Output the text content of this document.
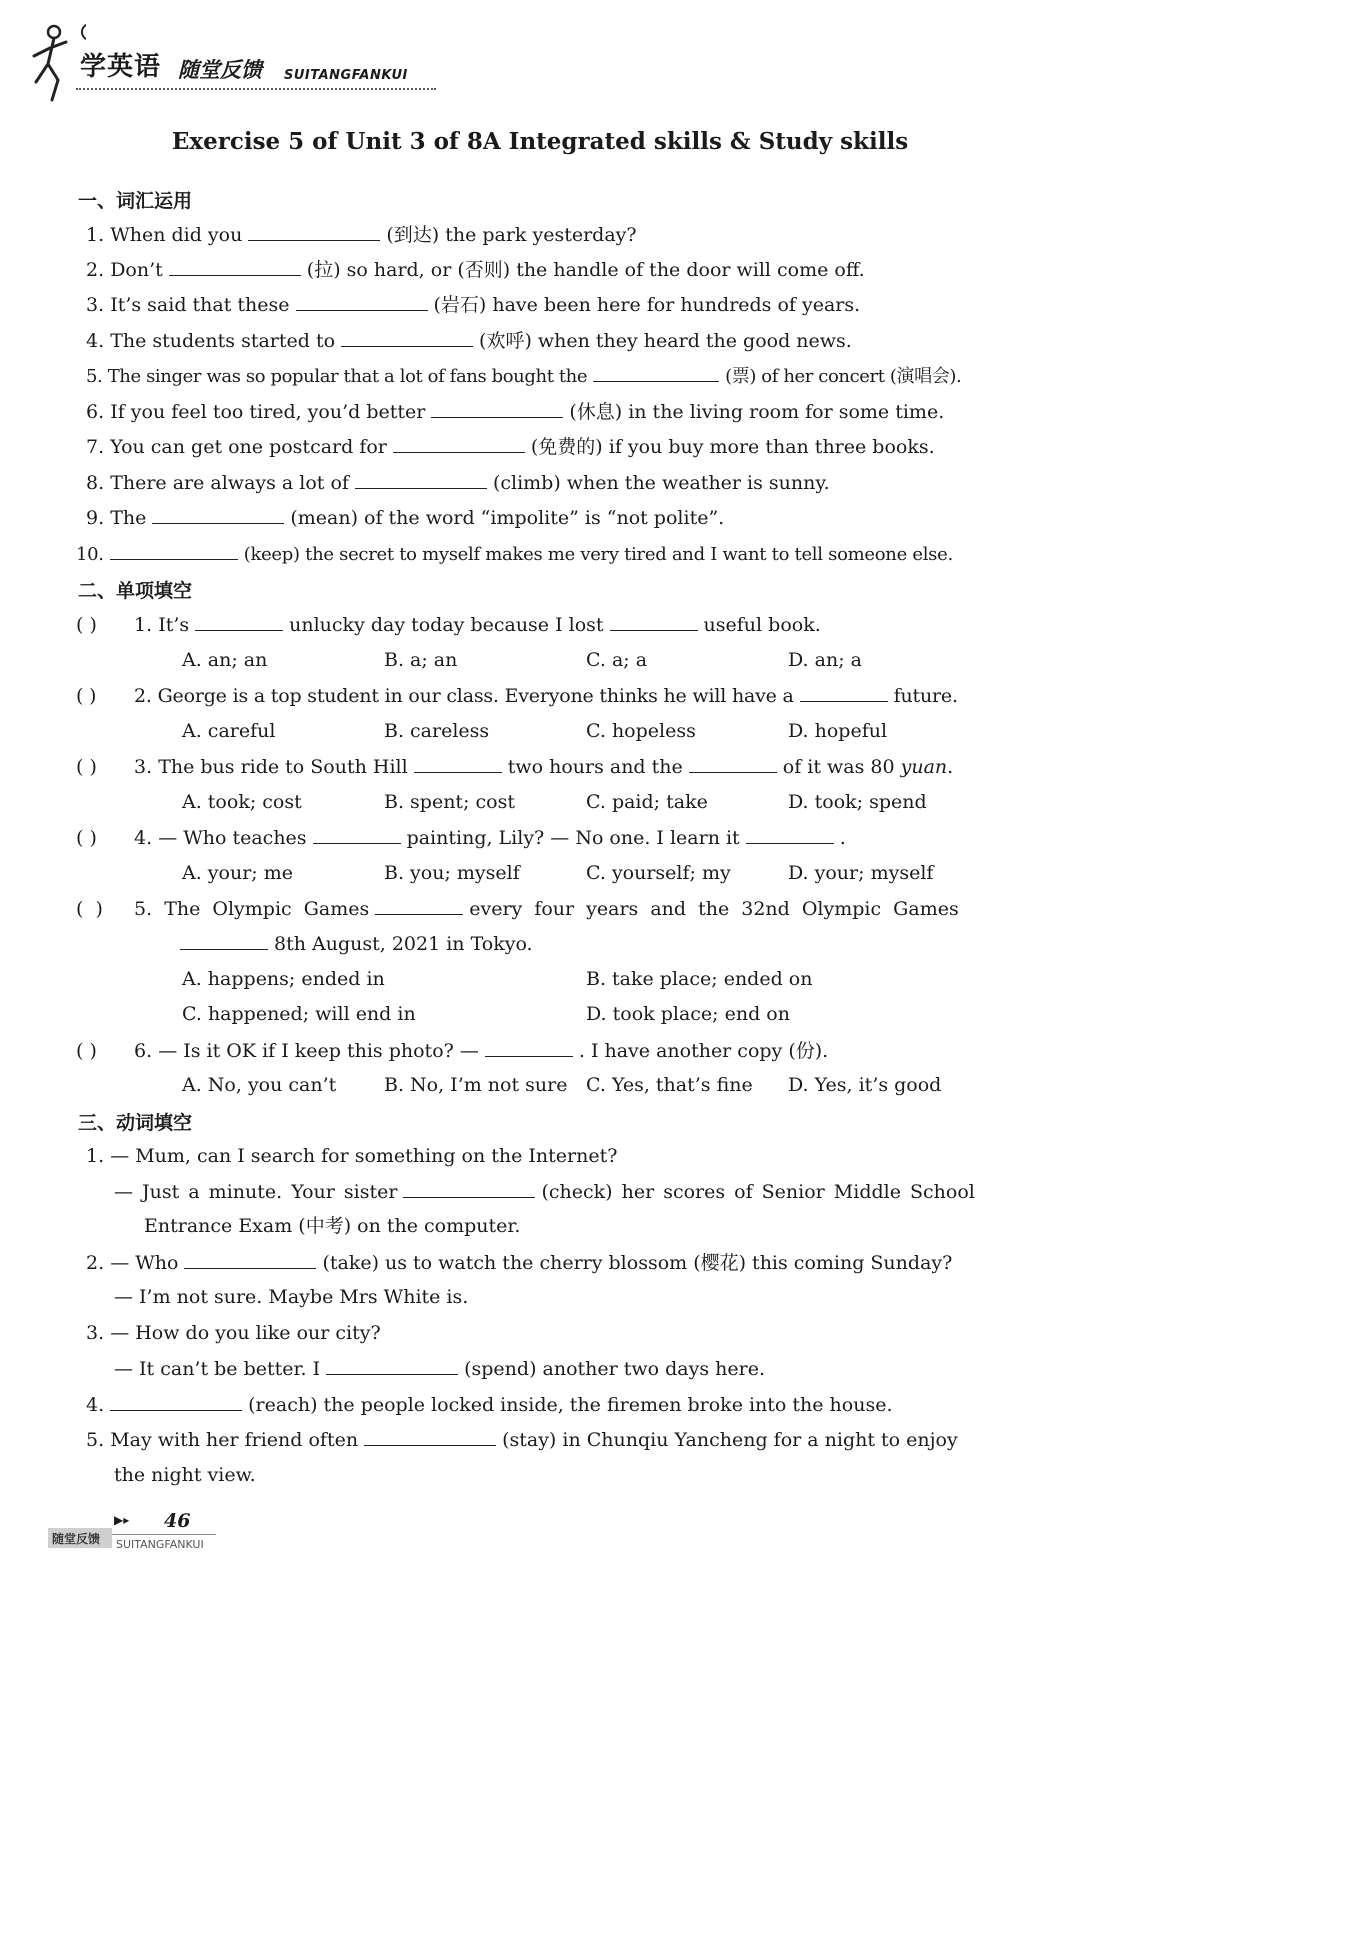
学英语 随堂反馈 SUITANGFANKUI
Exercise 5 of Unit 3 of 8A Integrated skills & Study skills
一、词汇运用
1. When did you	(到达) the park yesterday?
2. Don’t	(拉) so hard, or (否则) the handle of the door will come off.
3. It’s said that these	(岩石) have been here for hundreds of years.
4. The students started to	(欢呼) when they heard the good news.
5. The singer was so popular that a lot of fans bought the	(票) of her concert (演唱会).
6. If you feel too tired, you’d better	(休息) in the living room for some time.
7. You can get one postcard for	(免费的) if you buy more than three books.
8. There are always a lot of	(climb) when the weather is sunny.
9. The	(mean) of the word “impolite” is “not polite”.
10.	(keep) the secret to myself makes me very tired and I want to tell someone else.
二、单项填空
( ) 1. It’s	unlucky day today because I lost	useful book.
A. an; an	B. a; an	C. a; a	D. an; a
( ) 2. George is a top student in our class. Everyone thinks he will have a	future.
A. careful	B. careless	C. hopeless	D. hopeful
( ) 3. The bus ride to South Hill	two hours and the	of it was 80 yuan.
A. took; cost	B. spent; cost	C. paid; take	D. took; spend
( ) 4. — Who teaches	painting, Lily? — No one. I learn it	.
A. your; me	B. you; myself	C. yourself; my	D. your; myself
( ) 5. The Olympic Games	every four years and the 32nd Olympic Games
8th August, 2021 in Tokyo.
A. happens; ended in	B. take place; ended on
C. happened; will end in	D. took place; end on
( ) 6. — Is it OK if I keep this photo? —	. I have another copy (份).
A. No, you can’t	B. No, I’m not sure C. Yes, that’s fine D. Yes, it’s good
三、动词填空
1. — Mum, can I search for something on the Internet?
— Just a minute. Your sister	(check) her scores of Senior Middle School
Entrance Exam (中考) on the computer.
2. — Who	(take) us to watch the cherry blossom (樱花) this coming Sunday?
— I’m not sure. Maybe Mrs White is.
3. — How do you like our city?
— It can’t be better. I	(spend) another two days here.
4.	(reach) the people locked inside, the firemen broke into the house.
5. May with her friend often	(stay) in Chunqiu Yancheng for a night to enjoy
the night view.
▶▸ 46
随堂反馈 SUITANGFANKUI
